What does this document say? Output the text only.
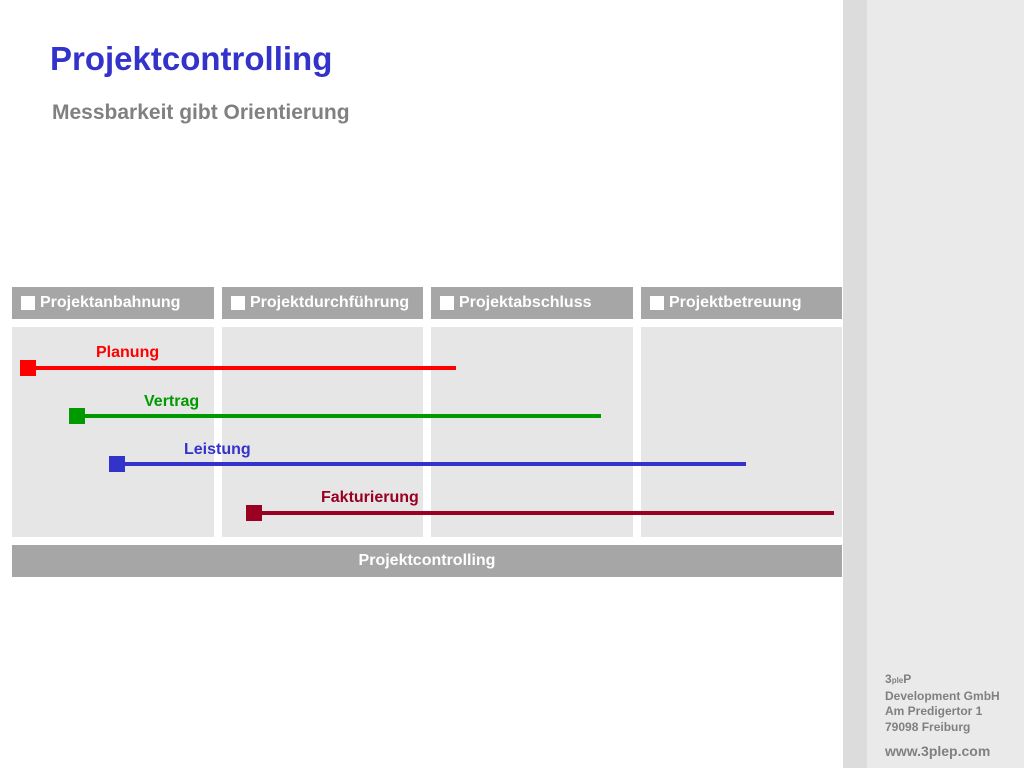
Projektcontrolling
Messbarkeit gibt Orientierung
Projektanbahnung	Projektdurchführung	Projektabschluss	Projektbetreuung
Planung
Vertrag
Leistung
Fakturierung
Projektcontrolling
3pleP
Development GmbH
Am Predigertor 1
79098 Freiburg
www.3plep.com
